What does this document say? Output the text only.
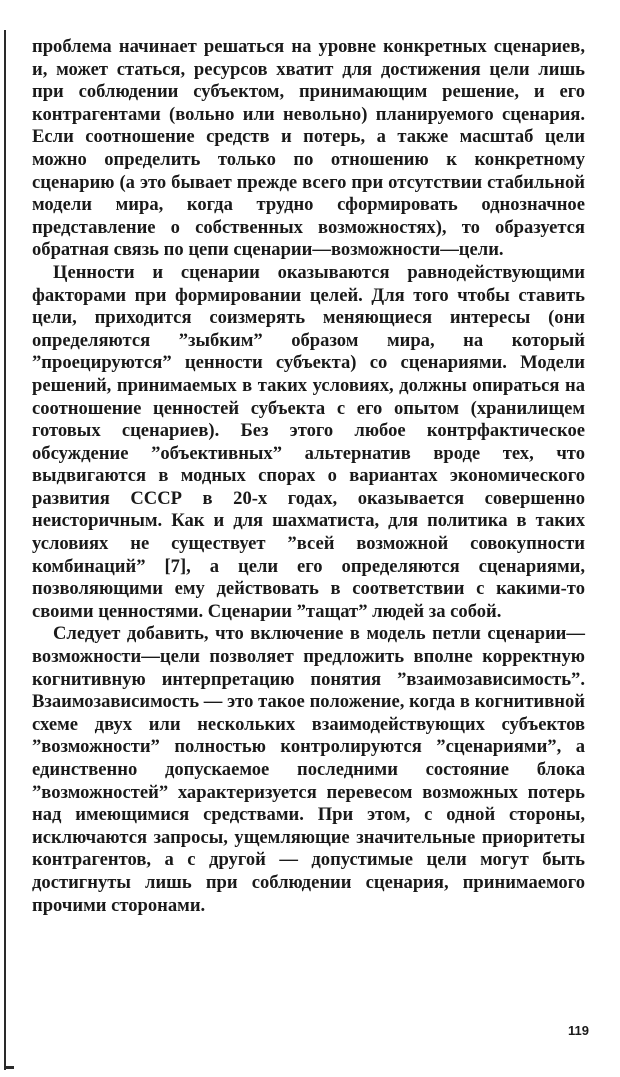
проблема начинает решаться на уровне конкретных сценариев, и, может статься, ресурсов хватит для достижения цели лишь при соблюдении субъектом, принимающим решение, и его контрагентами (вольно или невольно) планируемого сценария. Если соотношение средств и потерь, а также масштаб цели можно определить только по отношению к конкретному сценарию (а это бывает прежде всего при отсутствии стабильной модели мира, когда трудно сформировать однозначное представление о собственных возможностях), то образуется обратная связь по цепи сценарии—возможности—цели.

Ценности и сценарии оказываются равнодействующими факторами при формировании целей. Для того чтобы ставить цели, приходится соизмерять меняющиеся интересы (они определяются ”зыбким” образом мира, на который ”проецируются” ценности субъекта) со сценариями. Модели решений, принимаемых в таких условиях, должны опираться на соотношение ценностей субъекта с его опытом (хранилищем готовых сценариев). Без этого любое контрфактическое обсуждение ”объективных” альтернатив вроде тех, что выдвигаются в модных спорах о вариантах экономического развития СССР в 20-х годах, оказывается совершенно неисторичным. Как и для шахматиста, для политика в таких условиях не существует ”всей возможной совокупности комбинаций” [7], а цели его определяются сценариями, позволяющими ему действовать в соответствии с какими-то своими ценностями. Сценарии ”тащат” людей за собой.

Следует добавить, что включение в модель петли сценарии—возможности—цели позволяет предложить вполне корректную когнитивную интерпретацию понятия ”взаимозависимость”. Взаимозависимость — это такое положение, когда в когнитивной схеме двух или нескольких взаимодействующих субъектов ”возможности” полностью контролируются ”сценариями”, а единственно допускаемое последними состояние блока ”возможностей” характеризуется перевесом возможных потерь над имеющимися средствами. При этом, с одной стороны, исключаются запросы, ущемляющие значительные приоритеты контрагентов, а с другой — допустимые цели могут быть достигнуты лишь при соблюдении сценария, принимаемого прочими сторонами.

119
